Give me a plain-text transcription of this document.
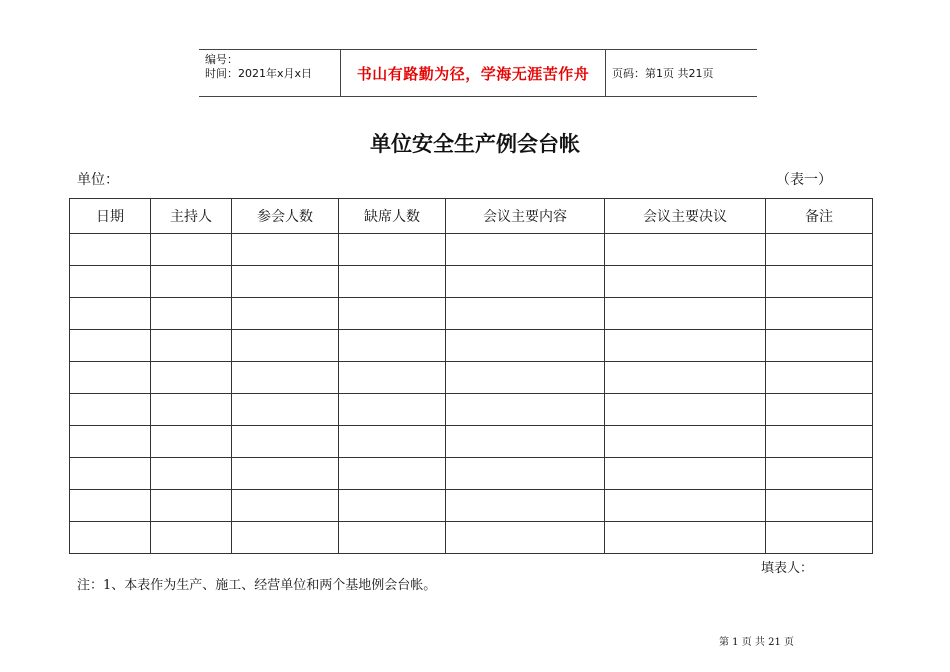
编号：
时间：2021年x月x日	书山有路勤为径，学海无涯苦作舟	页码：第1页 共21页
单位安全生产例会台帐
单位：	（表一）
日期	主持人	参会人数	缺席人数	会议主要内容	会议主要决议	备注

填表人：
注：1、本表作为生产、施工、经营单位和两个基地例会台帐。
第 1 页 共 21 页
